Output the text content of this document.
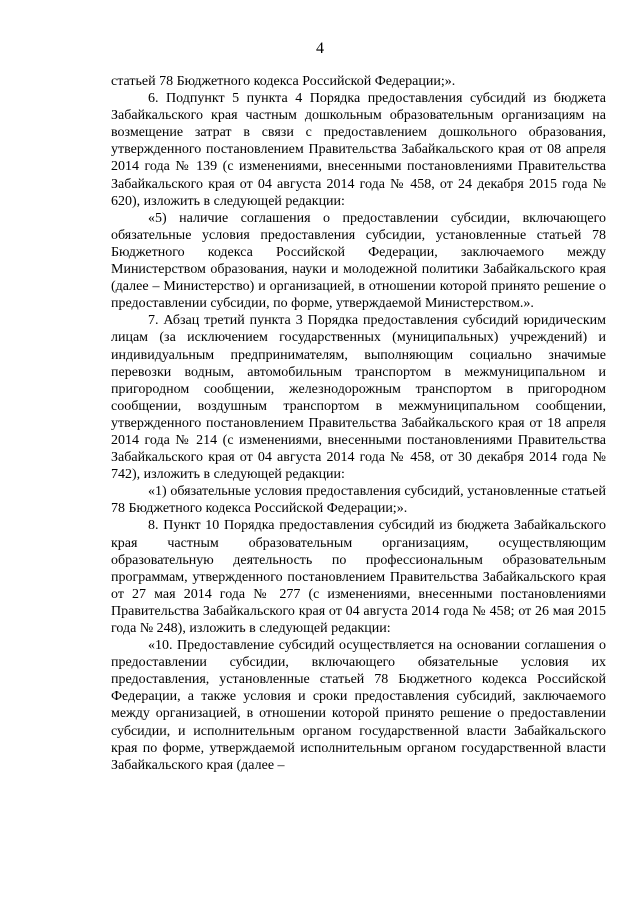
4

статьей 78 Бюджетного кодекса Российской Федерации;».

6. Подпункт 5 пункта 4 Порядка предоставления субсидий из бюджета Забайкальского края частным дошкольным образовательным организациям на возмещение затрат в связи с предоставлением дошкольного образования, утвержденного постановлением Правительства Забайкальского края от 08 апреля 2014 года № 139 (с изменениями, внесенными постановлениями Правительства Забайкальского края от 04 августа 2014 года № 458, от 24 декабря 2015 года № 620), изложить в следующей редакции:

«5) наличие соглашения о предоставлении субсидии, включающего обязательные условия предоставления субсидии, установленные статьей 78 Бюджетного кодекса Российской Федерации, заключаемого между Министерством образования, науки и молодежной политики Забайкальского края (далее – Министерство) и организацией, в отношении которой принято решение о предоставлении субсидии, по форме, утверждаемой Министерством.».

7. Абзац третий пункта 3 Порядка предоставления субсидий юридическим лицам (за исключением государственных (муниципальных) учреждений) и индивидуальным предпринимателям, выполняющим социально значимые перевозки водным, автомобильным транспортом в межмуниципальном и пригородном сообщении, железнодорожным транспортом в пригородном сообщении, воздушным транспортом в межмуниципальном сообщении, утвержденного постановлением Правительства Забайкальского края от 18 апреля 2014 года № 214 (с изменениями, внесенными постановлениями Правительства Забайкальского края от 04 августа 2014 года № 458, от 30 декабря 2014 года № 742), изложить в следующей редакции:

«1) обязательные условия предоставления субсидий, установленные статьей 78 Бюджетного кодекса Российской Федерации;».

8. Пункт 10 Порядка предоставления субсидий из бюджета Забайкальского края частным образовательным организациям, осуществляющим образовательную деятельность по профессиональным образовательным программам, утвержденного постановлением Правительства Забайкальского края от 27 мая 2014 года № 277 (с изменениями, внесенными постановлениями Правительства Забайкальского края от 04 августа 2014 года № 458; от 26 мая 2015 года № 248), изложить в следующей редакции:

«10. Предоставление субсидий осуществляется на основании соглашения о предоставлении субсидии, включающего обязательные условия их предоставления, установленные статьей 78 Бюджетного кодекса Российской Федерации, а также условия и сроки предоставления субсидий, заключаемого между организацией, в отношении которой принято решение о предоставлении субсидии, и исполнительным органом государственной власти Забайкальского края по форме, утверждаемой исполнительным органом государственной власти Забайкальского края (далее –
